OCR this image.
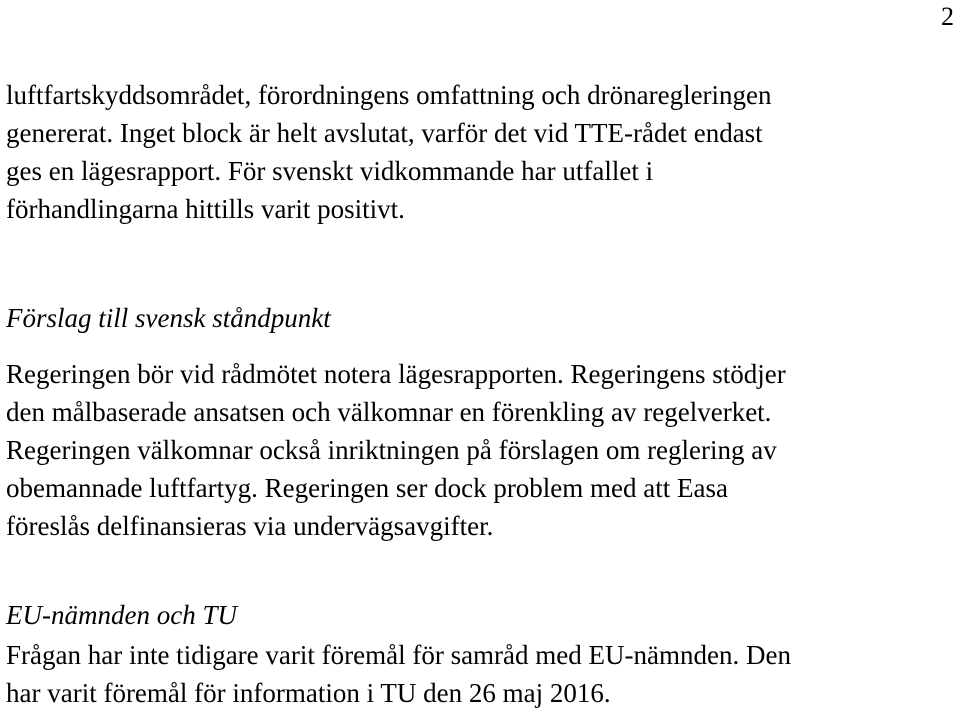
2
luftfartskyddsområdet, förordningens omfattning och drönaregleringen
genererat. Inget block är helt avslutat, varför det vid TTE-rådet endast
ges en lägesrapport. För svenskt vidkommande har utfallet i
förhandlingarna hittills varit positivt.
Förslag till svensk ståndpunkt
Regeringen bör vid rådmötet notera lägesrapporten. Regeringens stödjer
den målbaserade ansatsen och välkomnar en förenkling av regelverket.
Regeringen välkomnar också inriktningen på förslagen om reglering av
obemannade luftfartyg. Regeringen ser dock problem med att Easa
föreslås delfinansieras via undervägsavgifter.
EU-nämnden och TU
Frågan har inte tidigare varit föremål för samråd med EU-nämnden. Den
har varit föremål för information i TU den 26 maj 2016.
